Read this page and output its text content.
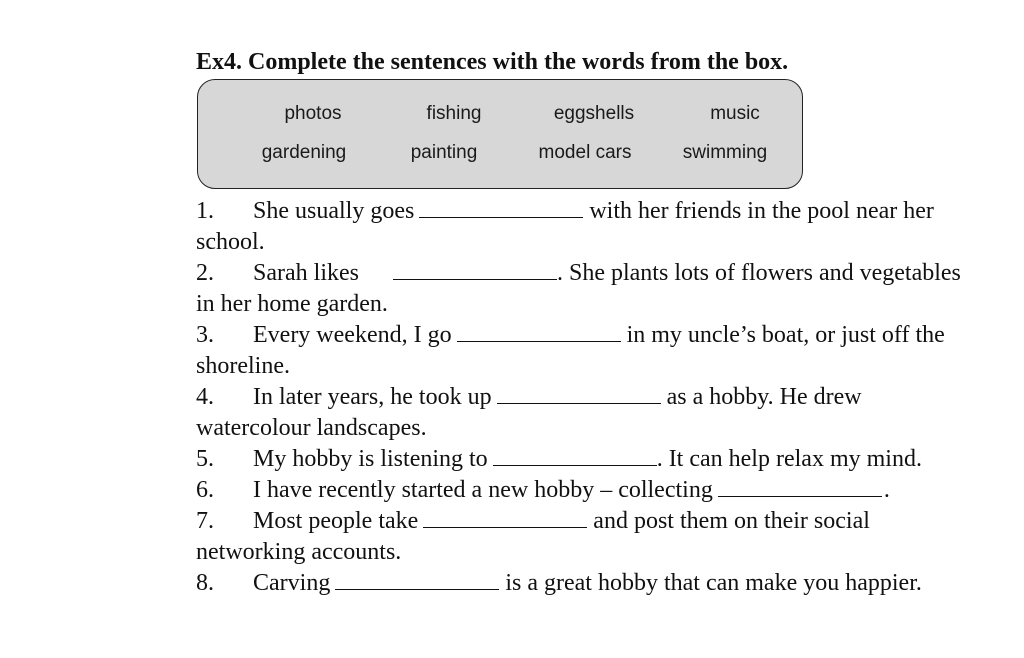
Ex4. Complete the sentences with the words from the box.
photos	fishing	eggshells	music
gardening	painting	model cars	swimming
1. She usually goes	with her friends in the pool near her
school.
2. Sarah likes	. She plants lots of flowers and vegetables
in her home garden.
3. Every weekend, I go	in my uncle’s boat, or just off the
shoreline.
4. In later years, he took up	as a hobby. He drew
watercolour landscapes.
5. My hobby is listening to	. It can help relax my mind.
6. I have recently started a new hobby – collecting	.
7. Most people take	and post them on their social
networking accounts.
8. Carving	is a great hobby that can make you happier.
